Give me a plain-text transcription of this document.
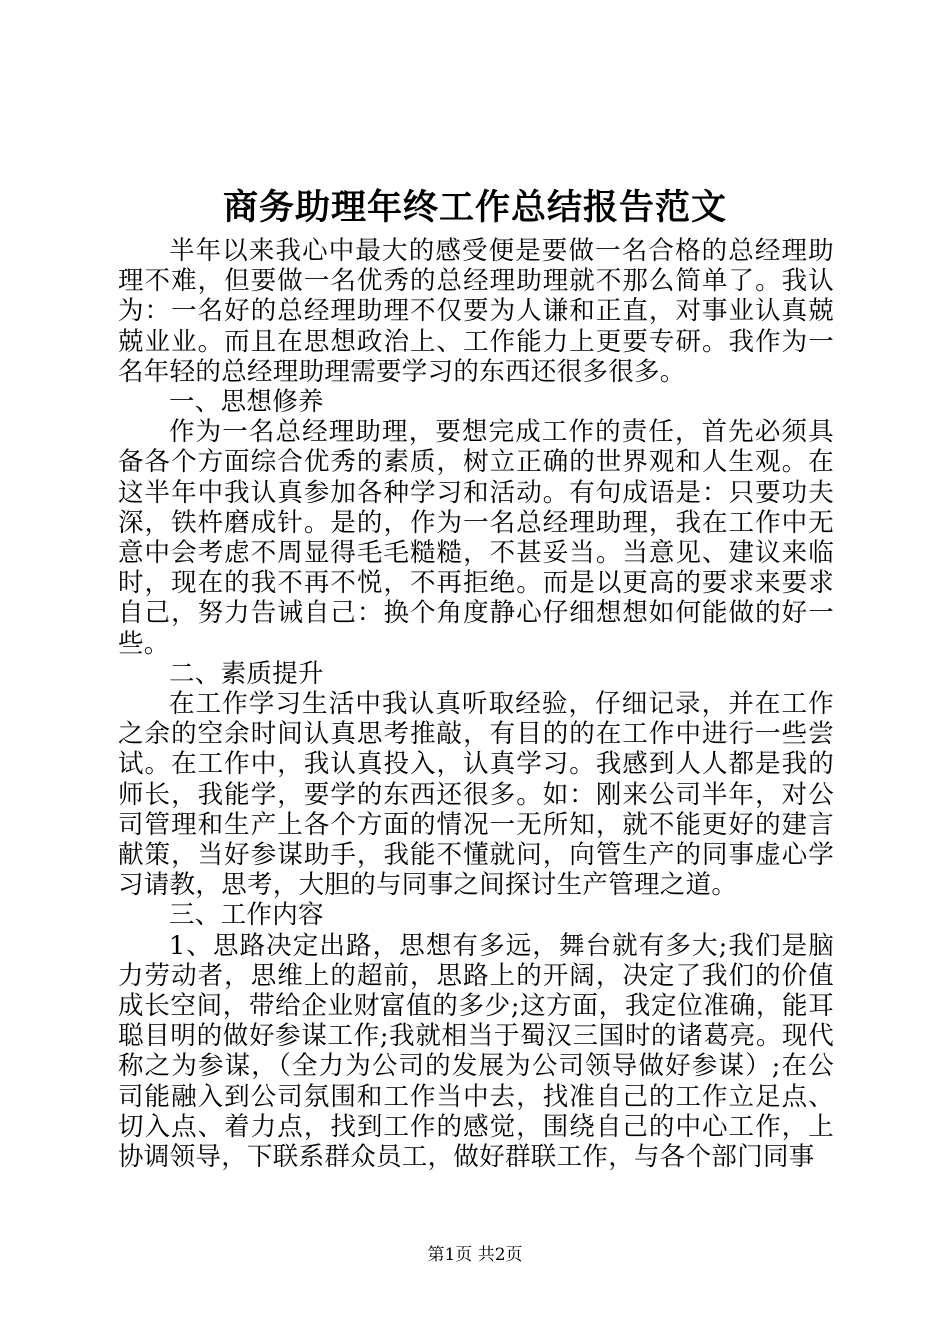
商务助理年终工作总结报告范文

半年以来我心中最大的感受便是要做一名合格的总经理助理不难，但要做一名优秀的总经理助理就不那么简单了。我认为：一名好的总经理助理不仅要为人谦和正直，对事业认真兢兢业业。而且在思想政治上、工作能力上更要专研。我作为一名年轻的总经理助理需要学习的东西还很多很多。

一、思想修养

作为一名总经理助理，要想完成工作的责任，首先必须具备各个方面综合优秀的素质，树立正确的世界观和人生观。在这半年中我认真参加各种学习和活动。有句成语是：只要功夫深，铁杵磨成针。是的，作为一名总经理助理，我在工作中无意中会考虑不周显得毛毛糙糙，不甚妥当。当意见、建议来临时，现在的我不再不悦，不再拒绝。而是以更高的要求来要求自己，努力告诫自己：换个角度静心仔细想想如何能做的好一些。

二、素质提升

在工作学习生活中我认真听取经验，仔细记录，并在工作之余的空余时间认真思考推敲，有目的的在工作中进行一些尝试。在工作中，我认真投入，认真学习。我感到人人都是我的师长，我能学，要学的东西还很多。如：刚来公司半年，对公司管理和生产上各个方面的情况一无所知，就不能更好的建言献策，当好参谋助手，我能不懂就问，向管生产的同事虚心学习请教，思考，大胆的与同事之间探讨生产管理之道。

三、工作内容

1、思路决定出路，思想有多远，舞台就有多大;我们是脑力劳动者，思维上的超前，思路上的开阔，决定了我们的价值成长空间，带给企业财富值的多少;这方面，我定位准确，能耳聪目明的做好参谋工作;我就相当于蜀汉三国时的诸葛亮。现代称之为参谋，（全力为公司的发展为公司领导做好参谋）;在公司能融入到公司氛围和工作当中去，找准自己的工作立足点、切入点、着力点，找到工作的感觉，围绕自己的中心工作，上协调领导，下联系群众员工，做好群联工作，与各个部门同事

第1页 共2页
